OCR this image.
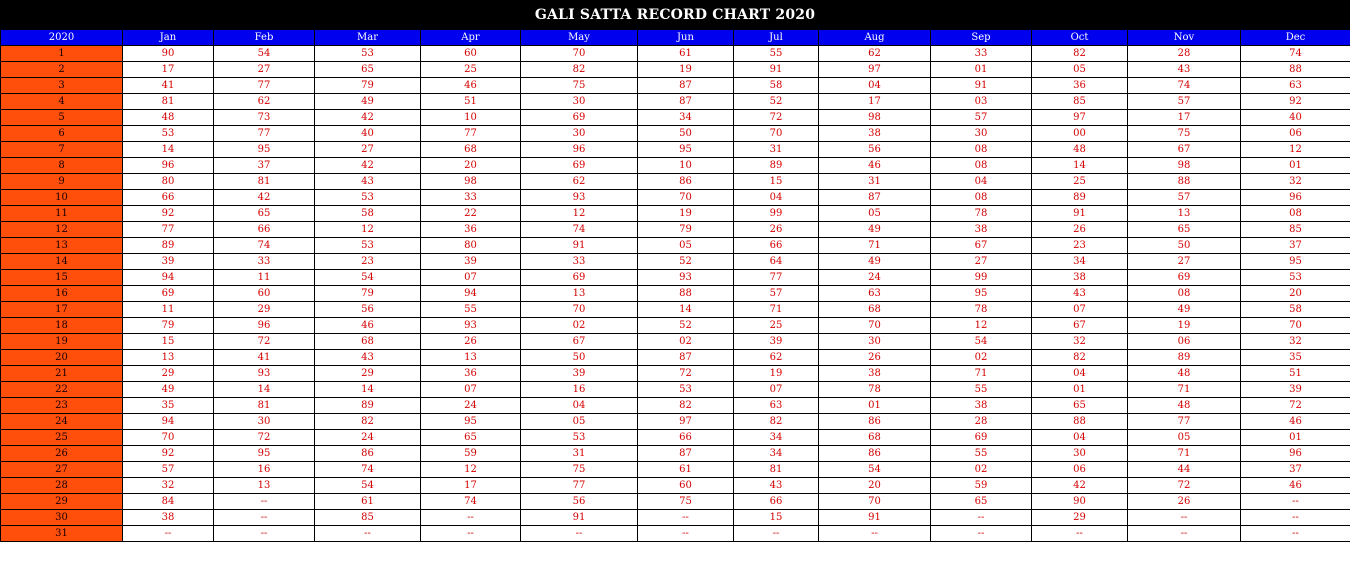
GALI SATTA RECORD CHART 2020
2020	Jan	Feb	Mar	Apr	May	Jun	Jul	Aug	Sep	Oct	Nov	Dec
1	90	54	53	60	70	61	55	62	33	82	28	74
2	17	27	65	25	82	19	91	97	01	05	43	88
3	41	77	79	46	75	87	58	04	91	36	74	63
4	81	62	49	51	30	87	52	17	03	85	57	92
5	48	73	42	10	69	34	72	98	57	97	17	40
6	53	77	40	77	30	50	70	38	30	00	75	06
7	14	95	27	68	96	95	31	56	08	48	67	12
8	96	37	42	20	69	10	89	46	08	14	98	01
9	80	81	43	98	62	86	15	31	04	25	88	32
10	66	42	53	33	93	70	04	87	08	89	57	96
11	92	65	58	22	12	19	99	05	78	91	13	08
12	77	66	12	36	74	79	26	49	38	26	65	85
13	89	74	53	80	91	05	66	71	67	23	50	37
14	39	33	23	39	33	52	64	49	27	34	27	95
15	94	11	54	07	69	93	77	24	99	38	69	53
16	69	60	79	94	13	88	57	63	95	43	08	20
17	11	29	56	55	70	14	71	68	78	07	49	58
18	79	96	46	93	02	52	25	70	12	67	19	70
19	15	72	68	26	67	02	39	30	54	32	06	32
20	13	41	43	13	50	87	62	26	02	82	89	35
21	29	93	29	36	39	72	19	38	71	04	48	51
22	49	14	14	07	16	53	07	78	55	01	71	39
23	35	81	89	24	04	82	63	01	38	65	48	72
24	94	30	82	95	05	97	82	86	28	88	77	46
25	70	72	24	65	53	66	34	68	69	04	05	01
26	92	95	86	59	31	87	34	86	55	30	71	96
27	57	16	74	12	75	61	81	54	02	06	44	37
28	32	13	54	17	77	60	43	20	59	42	72	46
29	84	--	61	74	56	75	66	70	65	90	26	--
30	38	--	85	--	91	--	15	91	--	29	--	--
31	--	--	--	--	--	--	--	--	--	--	--	--
